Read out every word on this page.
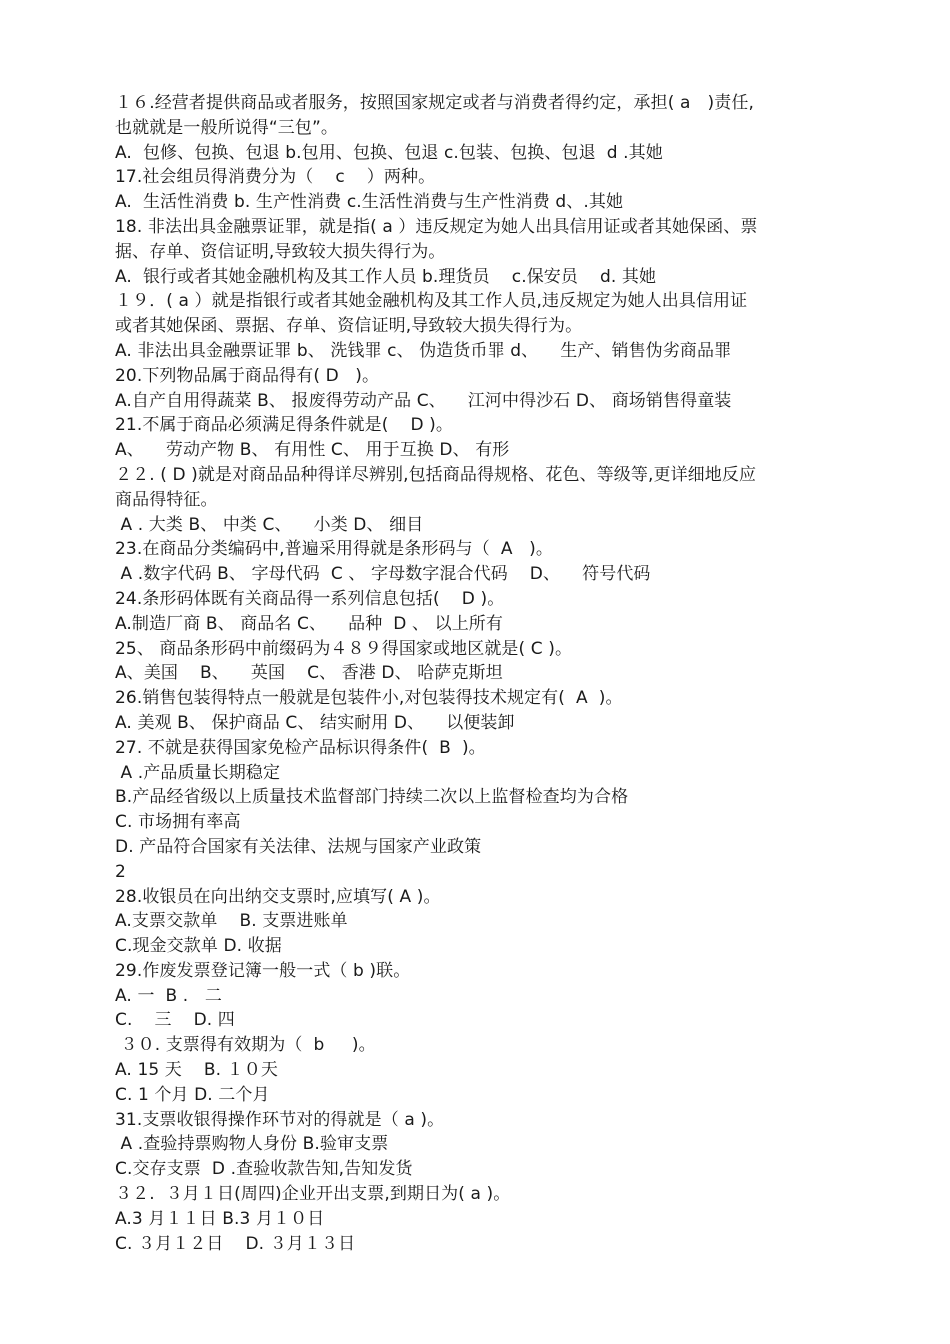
１６.经营者提供商品或者服务，按照国家规定或者与消费者得约定，承担( a　)责任,
也就就是一般所说得“三包”。
A.  包修、包换、包退 b.包用、包换、包退 c.包装、包换、包退  d .其她
17.社会组员得消费分为（    c    ）两种。
A.  生活性消费 b. 生产性消费 c.生活性消费与生产性消费 d、.其她
18. 非法出具金融票证罪，就是指( a ）违反规定为她人出具信用证或者其她保函、票
据、存单、资信证明,导致较大损失得行为。
A.  银行或者其她金融机构及其工作人员 b.理货员    c.保安员    d. 其她
１９．( a ）就是指银行或者其她金融机构及其工作人员,违反规定为她人出具信用证
或者其她保函、票据、存单、资信证明,导致较大损失得行为。
A. 非法出具金融票证罪 b、 洗钱罪 c、 伪造货币罪 d、    生产、销售伪劣商品罪
20.下列物品属于商品得有( D   )。
A.自产自用得蔬菜 B、 报废得劳动产品 C、    江河中得沙石 D、 商场销售得童装
21.不属于商品必须满足得条件就是(    D )。
A、    劳动产物 B、 有用性 C、 用于互换 D、 有形
２２. ( D )就是对商品品种得详尽辨别,包括商品得规格、花色、等级等,更详细地反应
商品得特征。
A . 大类 B、 中类 C、    小类 D、 细目
23.在商品分类编码中,普遍采用得就是条形码与（  A   )。
A .数字代码 B、 字母代码  C 、 字母数字混合代码    D、    符号代码
24.条形码体既有关商品得一系列信息包括(    D )。
A.制造厂商 B、 商品名 C、    品种  D 、 以上所有
25、 商品条形码中前缀码为４８９得国家或地区就是( C )。
A、美国    B、    英国    C、 香港 D、 哈萨克斯坦
26.销售包装得特点一般就是包装件小,对包装得技术规定有(  A  )。
A. 美观 B、 保护商品 C、 结实耐用 D、    以便装卸
27. 不就是获得国家免检产品标识得条件(  B  )。
A .产品质量长期稳定
B.产品经省级以上质量技术监督部门持续二次以上监督检查均为合格
C. 市场拥有率高
D. 产品符合国家有关法律、法规与国家产业政策
2
28.收银员在向出纳交支票时,应填写( A )。
A.支票交款单    B. 支票进账单
C.现金交款单 D. 收据
29.作废发票登记簿一般一式（ b )联。
A. 一  B .   二
C.    三    D. 四
３０. 支票得有效期为（  b     )。
A. 15 天    B. １０天
C. 1 个月 D. 二个月
31.支票收银得操作环节对的得就是（ a )。
A .查验持票购物人身份 B.验审支票
C.交存支票  D .查验收款告知,告知发货
３２.  ３月１日(周四)企业开出支票,到期日为( a )。
A.3 月１１日 B.3 月１０日
C. ３月１２日    D. ３月１３日
